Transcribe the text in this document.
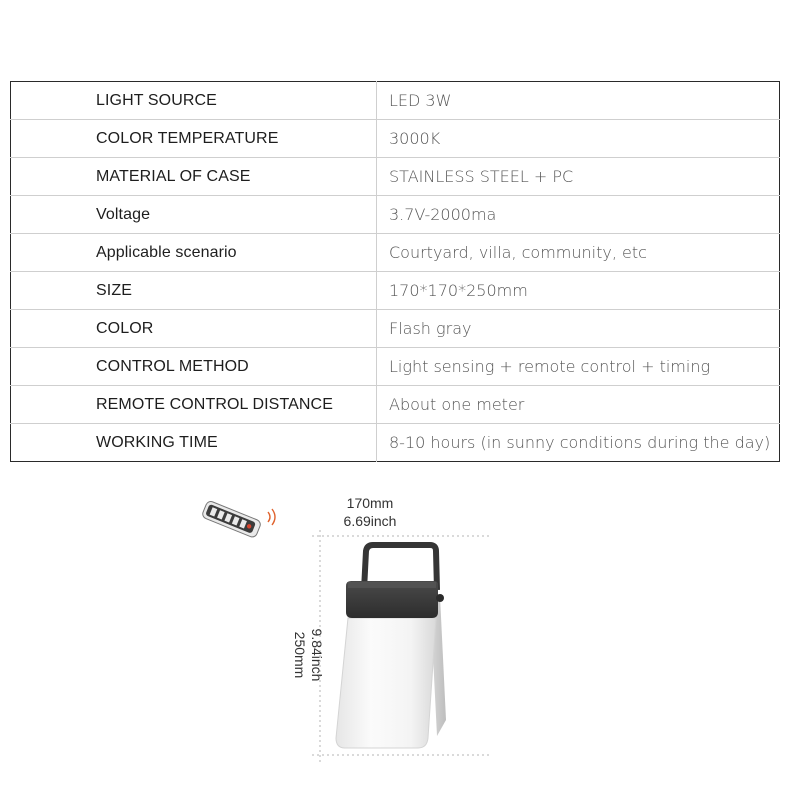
LIGHT SOURCE	LED 3W
COLOR TEMPERATURE	3000K
MATERIAL OF CASE	STAINLESS STEEL + PC
Voltage	3.7V-2000ma
Applicable scenario	Courtyard, villa, community, etc
SIZE	170*170*250mm
COLOR	Flash gray
CONTROL METHOD	Light sensing + remote control + timing
REMOTE CONTROL DISTANCE	About one meter
WORKING TIME	8-10 hours (in sunny conditions during the day)
170mm
6.69inch
9.84inch
250mm
